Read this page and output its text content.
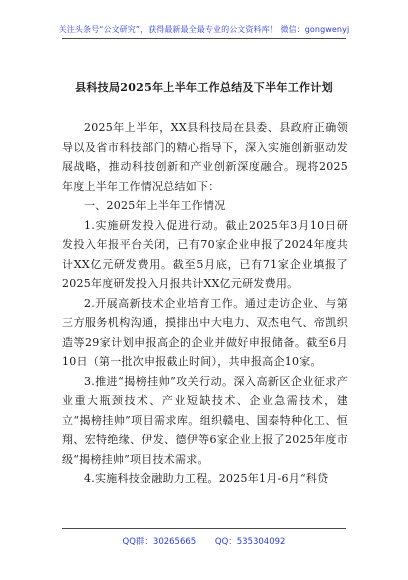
关注头条号“公文研究”，获得最新最全最专业的公文资料库！ 微信：gongwenyj
县科技局2025年上半年工作总结及下半年工作计划

2025年上半年，XX县科技局在县委、县政府正确领导以及省市科技部门的精心指导下，深入实施创新驱动发展战略，推动科技创新和产业创新深度融合。现将2025年度上半年工作情况总结如下：

一、2025年上半年工作情况

1.实施研发投入促进行动。截止2025年3月10日研发投入年报平台关闭，已有70家企业申报了2024年度共计XX亿元研发费用。截至5月底，已有71家企业填报了2025年度研发投入月报共计XX亿元研发费用。

2.开展高新技术企业培育工作。通过走访企业、与第三方服务机构沟通，摸排出中大电力、双杰电气、帝凯织造等29家计划申报高企的企业并做好申报储备。截至6月10日（第一批次申报截止时间），共申报高企10家。

3.推进“揭榜挂帅”攻关行动。深入高新区企业征求产业重大瓶颈技术、产业短缺技术、企业急需技术，建立“揭榜挂帅”项目需求库。组织赣电、国泰特种化工、恒翔、宏特绝缘、伊发、德伊等6家企业上报了2025年度市级“揭榜挂帅”项目技术需求。

4.实施科技金融助力工程。2025年1月-6月“科贷

QQ群：30265665 QQ：535304092
